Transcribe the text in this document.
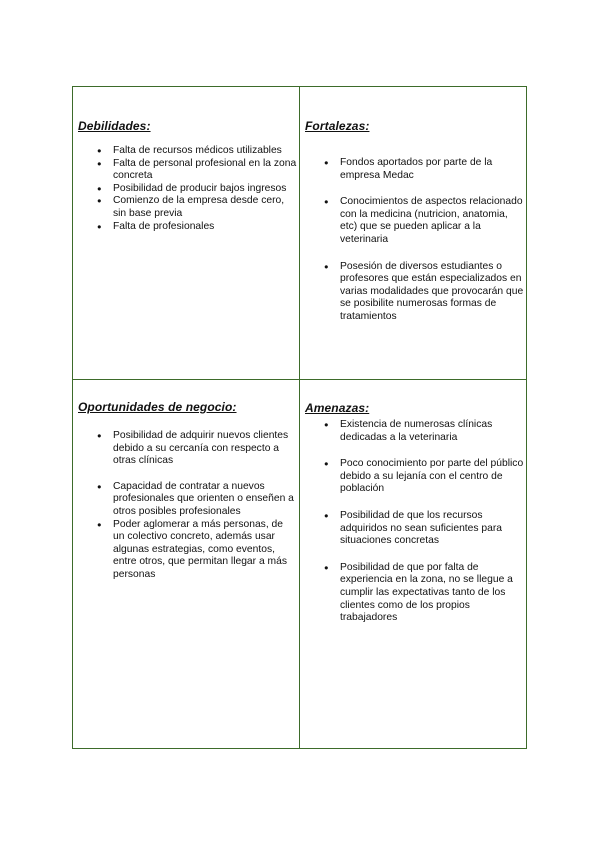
Debilidades:
● Falta de recursos médicos utilizables
● Falta de personal profesional en la zona concreta
● Posibilidad de producir bajos ingresos
● Comienzo de la empresa desde cero, sin base previa
● Falta de profesionales
Fortalezas:
● Fondos aportados por parte de la empresa Medac
● Conocimientos de aspectos relacionado con la medicina (nutricion, anatomia, etc) que se pueden aplicar a la veterinaria
● Posesión de diversos estudiantes o profesores que están especializados en varias modalidades que provocarán que se posibilite numerosas formas de tratamientos
Oportunidades de negocio:
● Posibilidad de adquirir nuevos clientes debido a su cercanía con respecto a otras clínicas
● Capacidad de contratar a nuevos profesionales que orienten o enseñen a otros posibles profesionales
● Poder aglomerar a más personas, de un colectivo concreto, además usar algunas estrategias, como eventos, entre otros, que permitan llegar a más personas
Amenazas:
● Existencia de numerosas clínicas dedicadas a la veterinaria
● Poco conocimiento por parte del público debido a su lejanía con el centro de población
● Posibilidad de que los recursos adquiridos no sean suficientes para situaciones concretas
● Posibilidad de que por falta de experiencia en la zona, no se llegue a cumplir las expectativas tanto de los clientes como de los propios trabajadores
